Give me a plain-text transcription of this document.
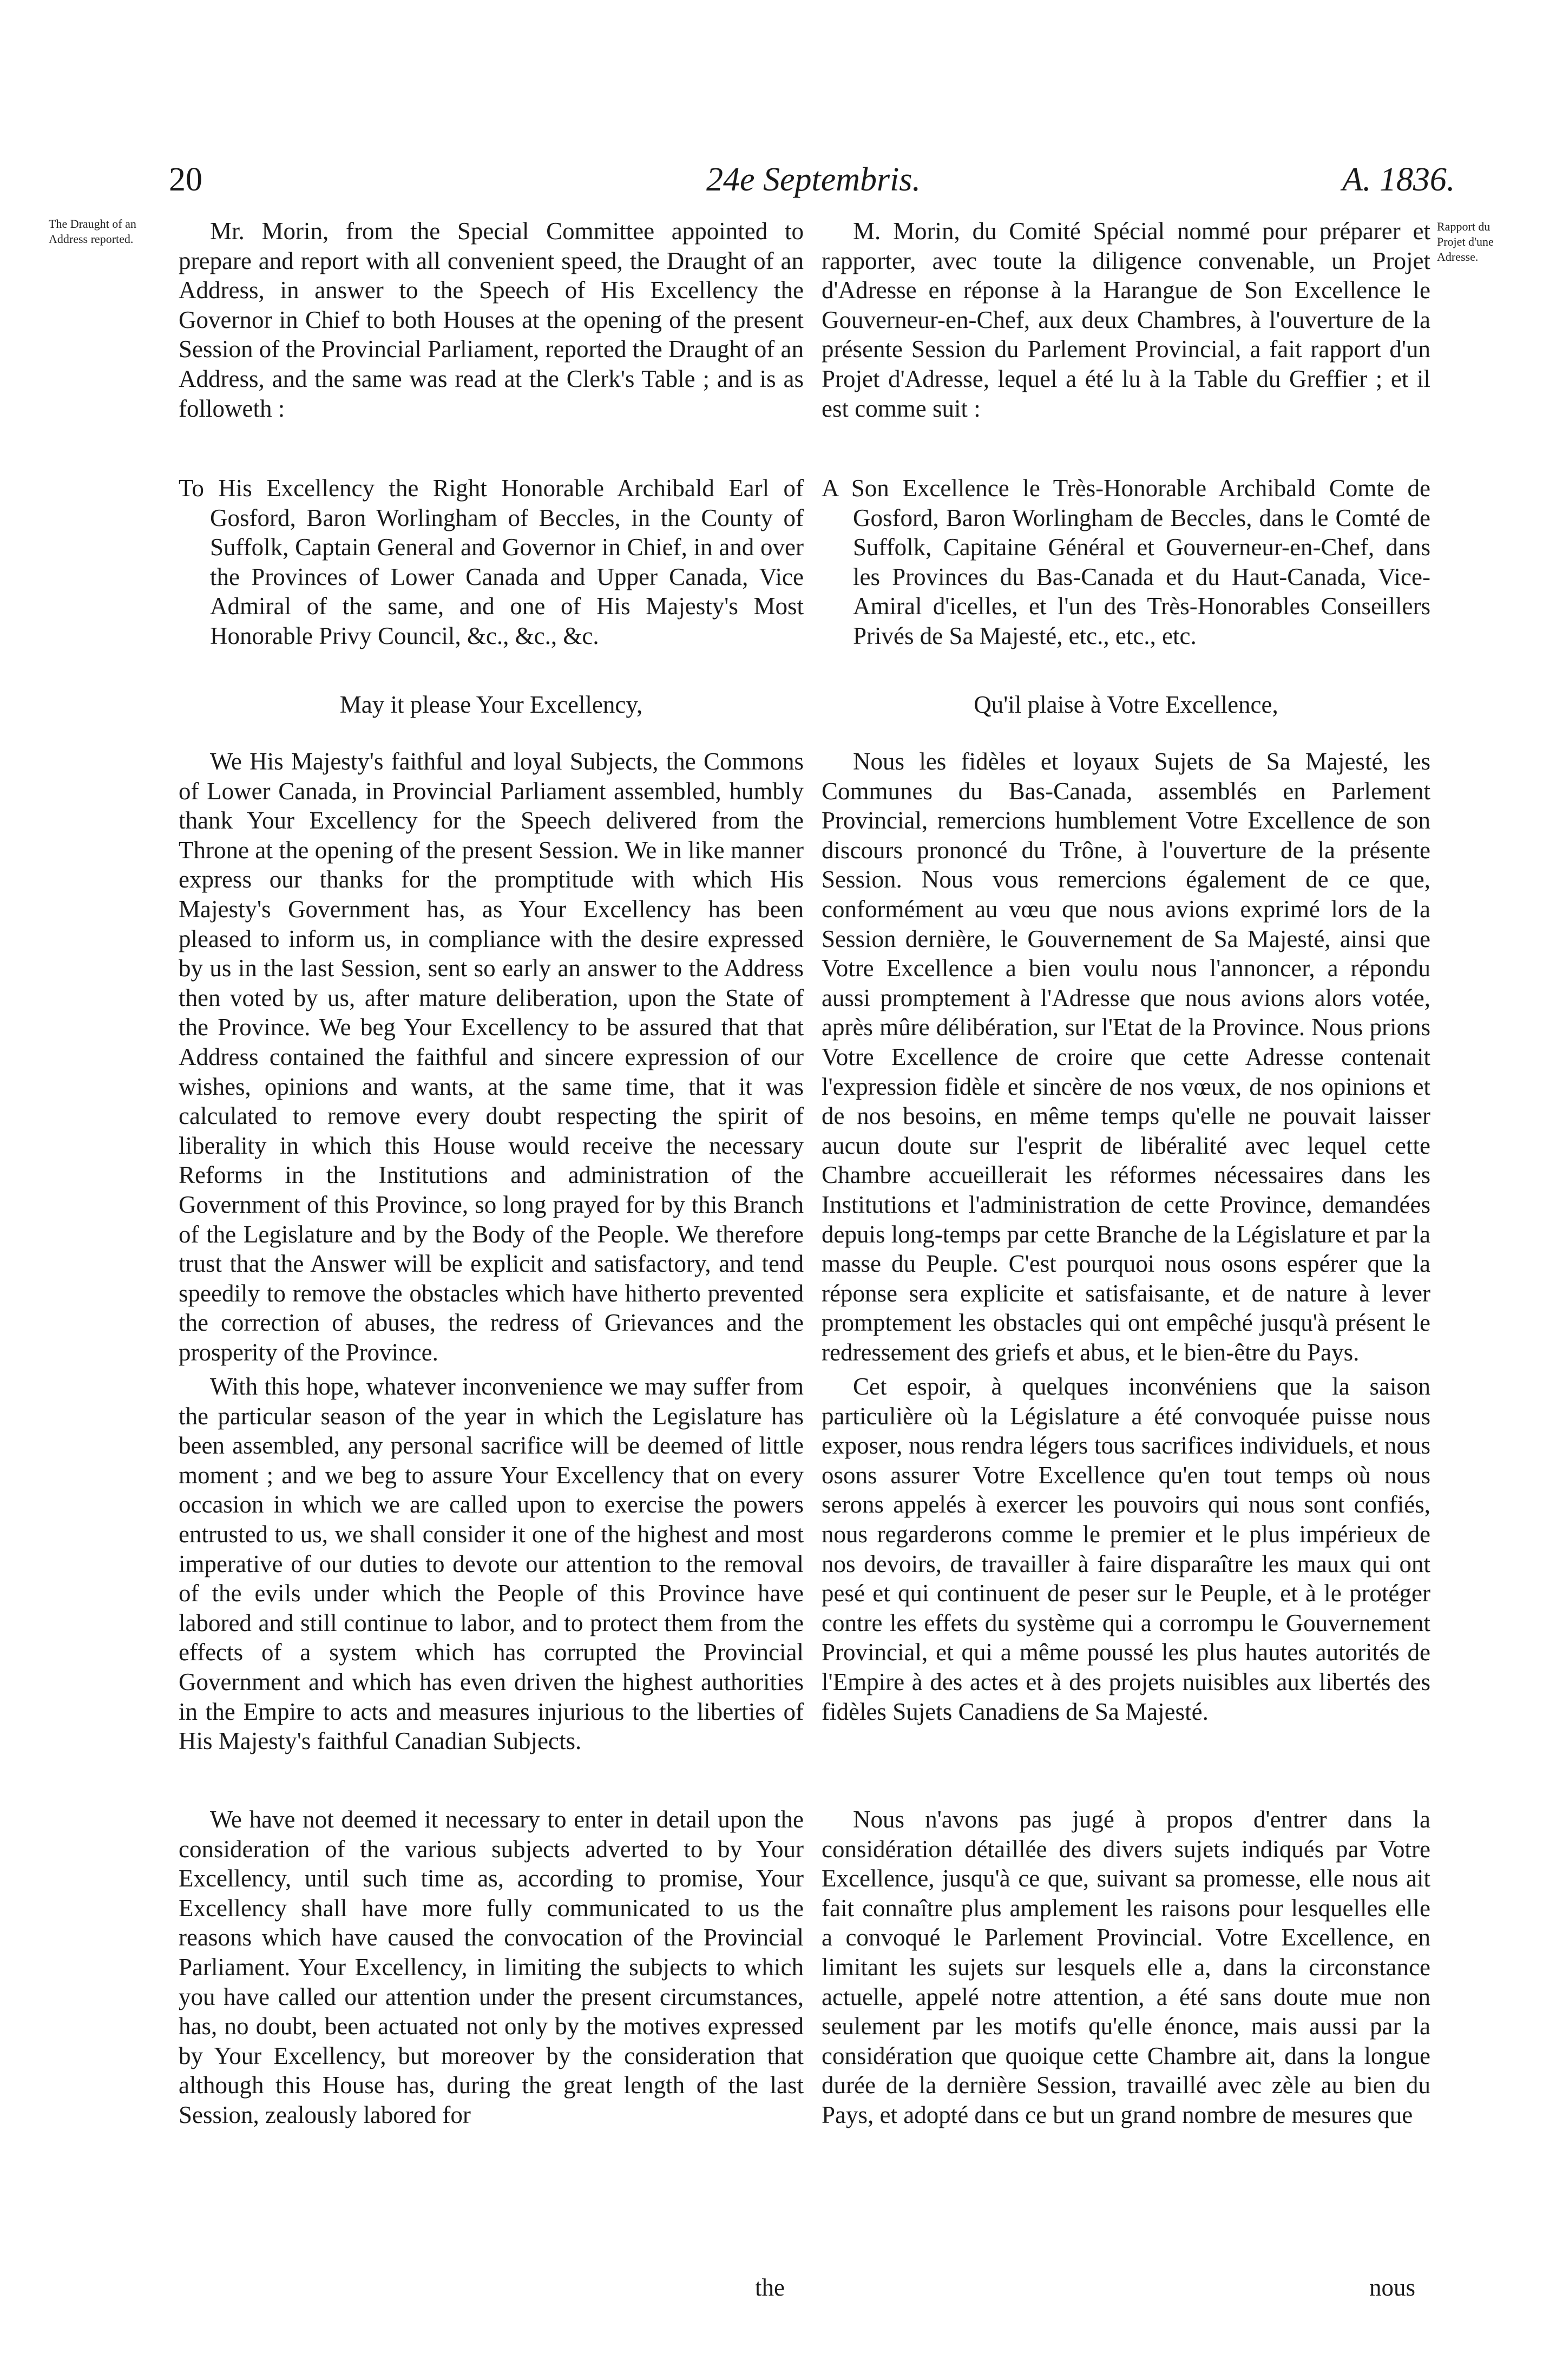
20	24e Septembris.	A. 1836.
The Draught of an Address reported.
Rapport du Projet d'une Adresse.

Mr. Morin, from the Special Committee appointed to prepare and report with all convenient speed, the Draught of an Address, in answer to the Speech of His Excellency the Governor in Chief to both Houses at the opening of the present Session of the Provincial Parliament, reported the Draught of an Address, and the same was read at the Clerk's Table ; and is as followeth :

To His Excellency the Right Honorable Archibald Earl of Gosford, Baron Worlingham of Beccles, in the County of Suffolk, Captain General and Governor in Chief, in and over the Provinces of Lower Canada and Upper Canada, Vice Admiral of the same, and one of His Majesty's Most Honorable Privy Council, &c., &c., &c.

May it please Your Excellency,

We His Majesty's faithful and loyal Subjects, the Commons of Lower Canada, in Provincial Parliament assembled, humbly thank Your Excellency for the Speech delivered from the Throne at the opening of the present Session. We in like manner express our thanks for the promptitude with which His Majesty's Government has, as Your Excellency has been pleased to inform us, in compliance with the desire expressed by us in the last Session, sent so early an answer to the Address then voted by us, after mature deliberation, upon the State of the Province. We beg Your Excellency to be assured that that Address contained the faithful and sincere expression of our wishes, opinions and wants, at the same time, that it was calculated to remove every doubt respecting the spirit of liberality in which this House would receive the necessary Reforms in the Institutions and administration of the Government of this Province, so long prayed for by this Branch of the Legislature and by the Body of the People. We therefore trust that the Answer will be explicit and satisfactory, and tend speedily to remove the obstacles which have hitherto prevented the correction of abuses, the redress of Grievances and the prosperity of the Province.

With this hope, whatever inconvenience we may suffer from the particular season of the year in which the Legislature has been assembled, any personal sacrifice will be deemed of little moment ; and we beg to assure Your Excellency that on every occasion in which we are called upon to exercise the powers entrusted to us, we shall consider it one of the highest and most imperative of our duties to devote our attention to the removal of the evils under which the People of this Province have labored and still continue to labor, and to protect them from the effects of a system which has corrupted the Provincial Government and which has even driven the highest authorities in the Empire to acts and measures injurious to the liberties of His Majesty's faithful Canadian Subjects.

We have not deemed it necessary to enter in detail upon the consideration of the various subjects adverted to by Your Excellency, until such time as, according to promise, Your Excellency shall have more fully communicated to us the reasons which have caused the convocation of the Provincial Parliament. Your Excellency, in limiting the subjects to which you have called our attention under the present circumstances, has, no doubt, been actuated not only by the motives expressed by Your Excellency, but moreover by the consideration that although this House has, during the great length of the last Session, zealously labored for

the

M. Morin, du Comité Spécial nommé pour préparer et rapporter, avec toute la diligence convenable, un Projet d'Adresse en réponse à la Harangue de Son Excellence le Gouverneur-en-Chef, aux deux Chambres, à l'ouverture de la présente Session du Parlement Provincial, a fait rapport d'un Projet d'Adresse, lequel a été lu à la Table du Greffier ; et il est comme suit :

A Son Excellence le Très-Honorable Archibald Comte de Gosford, Baron Worlingham de Beccles, dans le Comté de Suffolk, Capitaine Général et Gouverneur-en-Chef, dans les Provinces du Bas-Canada et du Haut-Canada, Vice-Amiral d'icelles, et l'un des Très-Honorables Conseillers Privés de Sa Majesté, etc., etc., etc.

Qu'il plaise à Votre Excellence,

Nous les fidèles et loyaux Sujets de Sa Majesté, les Communes du Bas-Canada, assemblés en Parlement Provincial, remercions humblement Votre Excellence de son discours prononcé du Trône, à l'ouverture de la présente Session. Nous vous remercions également de ce que, conformément au vœu que nous avions exprimé lors de la Session dernière, le Gouvernement de Sa Majesté, ainsi que Votre Excellence a bien voulu nous l'annoncer, a répondu aussi promptement à l'Adresse que nous avions alors votée, après mûre délibération, sur l'Etat de la Province. Nous prions Votre Excellence de croire que cette Adresse contenait l'expression fidèle et sincère de nos vœux, de nos opinions et de nos besoins, en même temps qu'elle ne pouvait laisser aucun doute sur l'esprit de libéralité avec lequel cette Chambre accueillerait les réformes nécessaires dans les Institutions et l'administration de cette Province, demandées depuis long-temps par cette Branche de la Législature et par la masse du Peuple. C'est pourquoi nous osons espérer que la réponse sera explicite et satisfaisante, et de nature à lever promptement les obstacles qui ont empêché jusqu'à présent le redressement des griefs et abus, et le bien-être du Pays.

Cet espoir, à quelques inconvéniens que la saison particulière où la Législature a été convoquée puisse nous exposer, nous rendra légers tous sacrifices individuels, et nous osons assurer Votre Excellence qu'en tout temps où nous serons appelés à exercer les pouvoirs qui nous sont confiés, nous regarderons comme le premier et le plus impérieux de nos devoirs, de travailler à faire disparaître les maux qui ont pesé et qui continuent de peser sur le Peuple, et à le protéger contre les effets du système qui a corrompu le Gouvernement Provincial, et qui a même poussé les plus hautes autorités de l'Empire à des actes et à des projets nuisibles aux libertés des fidèles Sujets Canadiens de Sa Majesté.

Nous n'avons pas jugé à propos d'entrer dans la considération détaillée des divers sujets indiqués par Votre Excellence, jusqu'à ce que, suivant sa promesse, elle nous ait fait connaître plus amplement les raisons pour lesquelles elle a convoqué le Parlement Provincial. Votre Excellence, en limitant les sujets sur lesquels elle a, dans la circonstance actuelle, appelé notre attention, a été sans doute mue non seulement par les motifs qu'elle énonce, mais aussi par la considération que quoique cette Chambre ait, dans la longue durée de la dernière Session, travaillé avec zèle au bien du Pays, et adopté dans ce but un grand nombre de mesures que

nous
